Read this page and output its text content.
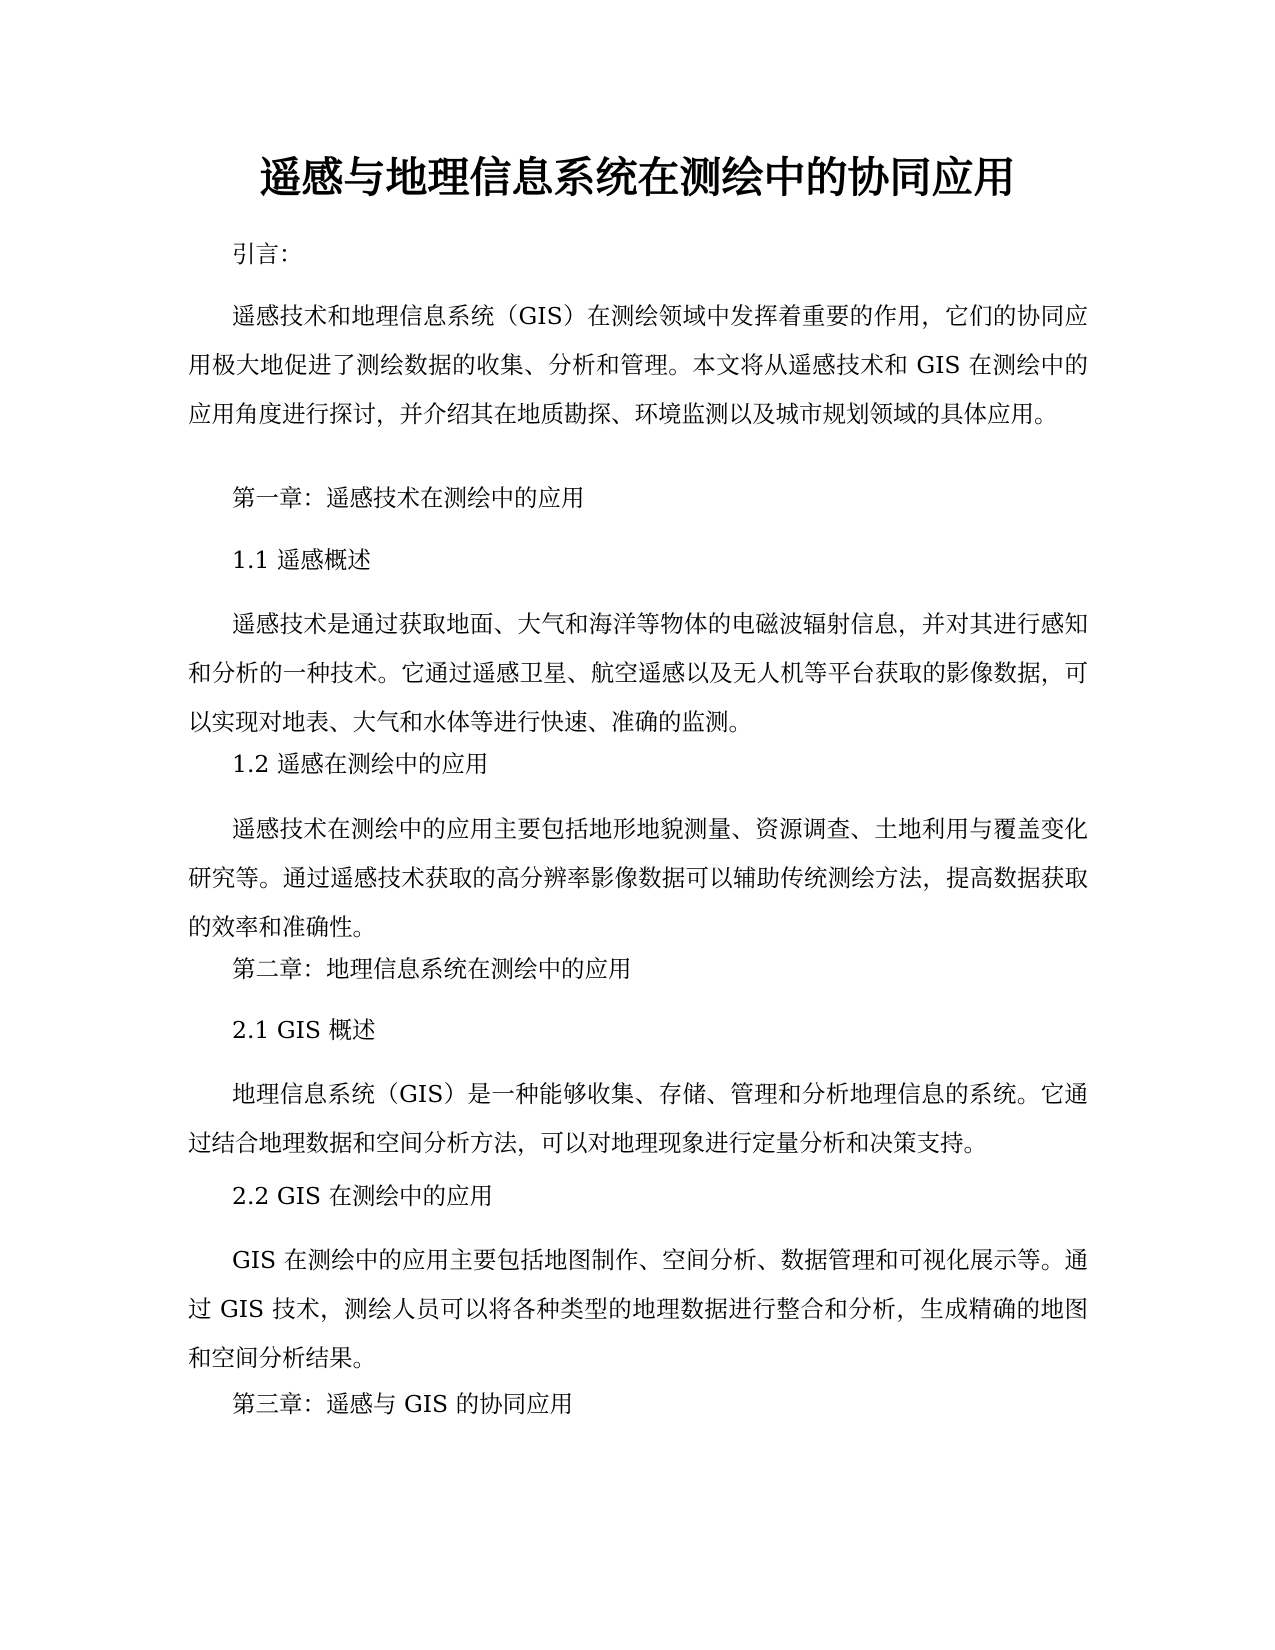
遥感与地理信息系统在测绘中的协同应用

引言：

遥感技术和地理信息系统（GIS）在测绘领域中发挥着重要的作用，它们的协同应用极大地促进了测绘数据的收集、分析和管理。本文将从遥感技术和 GIS 在测绘中的应用角度进行探讨，并介绍其在地质勘探、环境监测以及城市规划领域的具体应用。

第一章：遥感技术在测绘中的应用

1.1 遥感概述

遥感技术是通过获取地面、大气和海洋等物体的电磁波辐射信息，并对其进行感知和分析的一种技术。它通过遥感卫星、航空遥感以及无人机等平台获取的影像数据，可以实现对地表、大气和水体等进行快速、准确的监测。

1.2 遥感在测绘中的应用

遥感技术在测绘中的应用主要包括地形地貌测量、资源调查、土地利用与覆盖变化研究等。通过遥感技术获取的高分辨率影像数据可以辅助传统测绘方法，提高数据获取的效率和准确性。

第二章：地理信息系统在测绘中的应用

2.1 GIS 概述

地理信息系统（GIS）是一种能够收集、存储、管理和分析地理信息的系统。它通过结合地理数据和空间分析方法，可以对地理现象进行定量分析和决策支持。

2.2 GIS 在测绘中的应用

GIS 在测绘中的应用主要包括地图制作、空间分析、数据管理和可视化展示等。通过 GIS 技术，测绘人员可以将各种类型的地理数据进行整合和分析，生成精确的地图和空间分析结果。

第三章：遥感与 GIS 的协同应用
